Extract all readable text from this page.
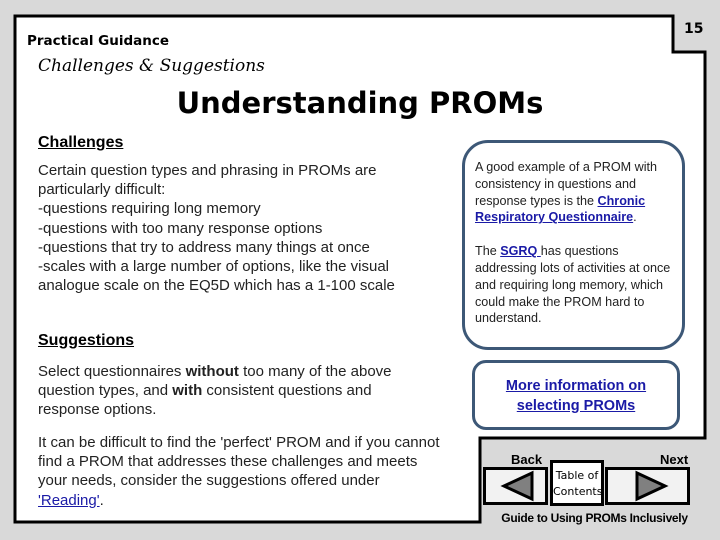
15
Practical Guidance
Challenges & Suggestions
Understanding PROMs
Challenges
Certain question types and phrasing in PROMs are
particularly difficult:
-questions requiring long memory
-questions with too many response options
-questions that try to address many things at once
-scales with a large number of options, like the visual
analogue scale on the EQ5D which has a 1-100 scale
Suggestions
Select questionnaires without too many of the above question types, and with consistent questions and response options.
It can be difficult to find the 'perfect' PROM and if you cannot find a PROM that addresses these challenges and meets your needs, consider the suggestions offered under 'Reading'.
A good example of a PROM with consistency in questions and response types is the Chronic Respiratory Questionnaire.
The SGRQ has questions addressing lots of activities at once and requiring long memory, which could make the PROM hard to understand.
More information on selecting PROMs
Back	Next
Table of Contents
Guide to Using PROMs Inclusively
